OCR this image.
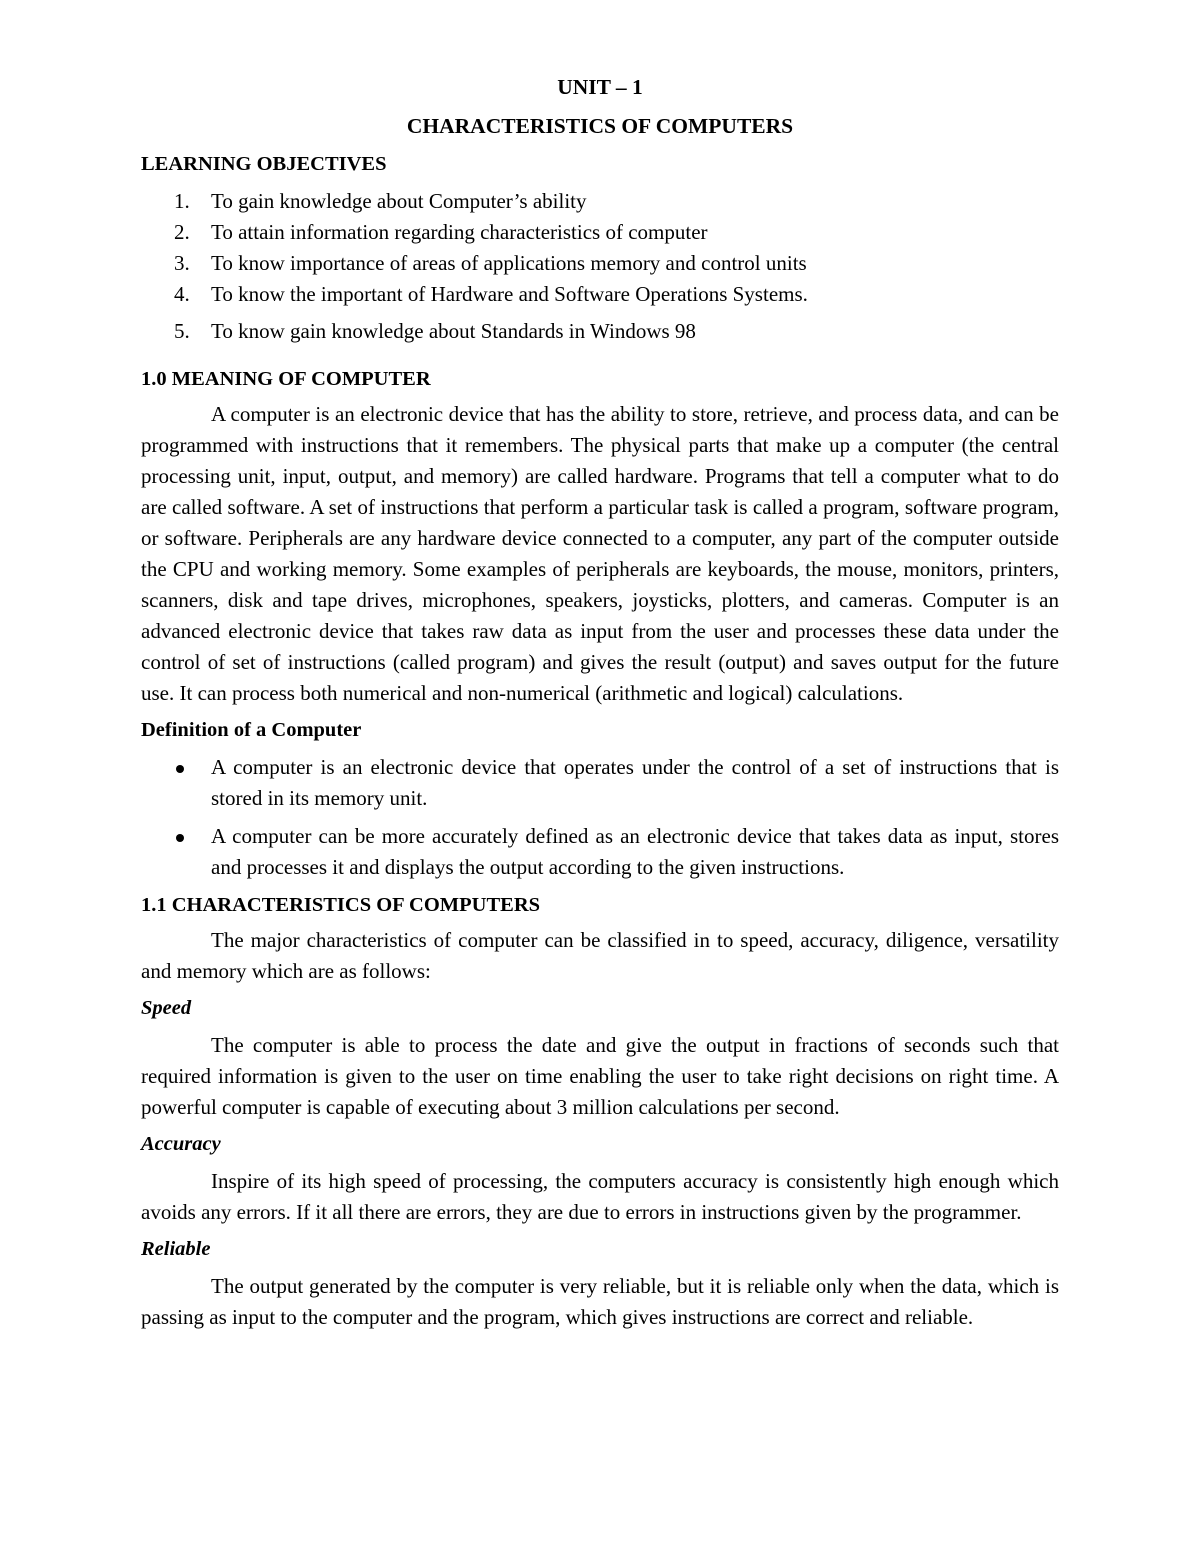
UNIT – 1
CHARACTERISTICS OF COMPUTERS
LEARNING OBJECTIVES
1. To gain knowledge about Computer’s ability
2. To attain information regarding characteristics of computer
3. To know importance of areas of applications memory and control units
4. To know the important of Hardware and Software Operations Systems.
5. To know gain knowledge about Standards in Windows 98
1.0 MEANING OF COMPUTER

A computer is an electronic device that has the ability to store, retrieve, and process data, and can be programmed with instructions that it remembers. The physical parts that make up a computer (the central processing unit, input, output, and memory) are called hardware. Programs that tell a computer what to do are called software. A set of instructions that perform a particular task is called a program, software program, or software. Peripherals are any hardware device connected to a computer, any part of the computer outside the CPU and working memory. Some examples of peripherals are keyboards, the mouse, monitors, printers, scanners, disk and tape drives, microphones, speakers, joysticks, plotters, and cameras. Computer is an advanced electronic device that takes raw data as input from the user and processes these data under the control of set of instructions (called program) and gives the result (output) and saves output for the future use. It can process both numerical and non-numerical (arithmetic and logical) calculations.

Definition of a Computer
A computer is an electronic device that operates under the control of a set of instructions that is stored in its memory unit.
A computer can be more accurately defined as an electronic device that takes data as input, stores and processes it and displays the output according to the given instructions.
1.1 CHARACTERISTICS OF COMPUTERS

The major characteristics of computer can be classified in to speed, accuracy, diligence, versatility and memory which are as follows:

Speed

The computer is able to process the date and give the output in fractions of seconds such that required information is given to the user on time enabling the user to take right decisions on right time. A powerful computer is capable of executing about 3 million calculations per second.

Accuracy

Inspire of its high speed of processing, the computers accuracy is consistently high enough which avoids any errors. If it all there are errors, they are due to errors in instructions given by the programmer.

Reliable

The output generated by the computer is very reliable, but it is reliable only when the data, which is passing as input to the computer and the program, which gives instructions are correct and reliable.
